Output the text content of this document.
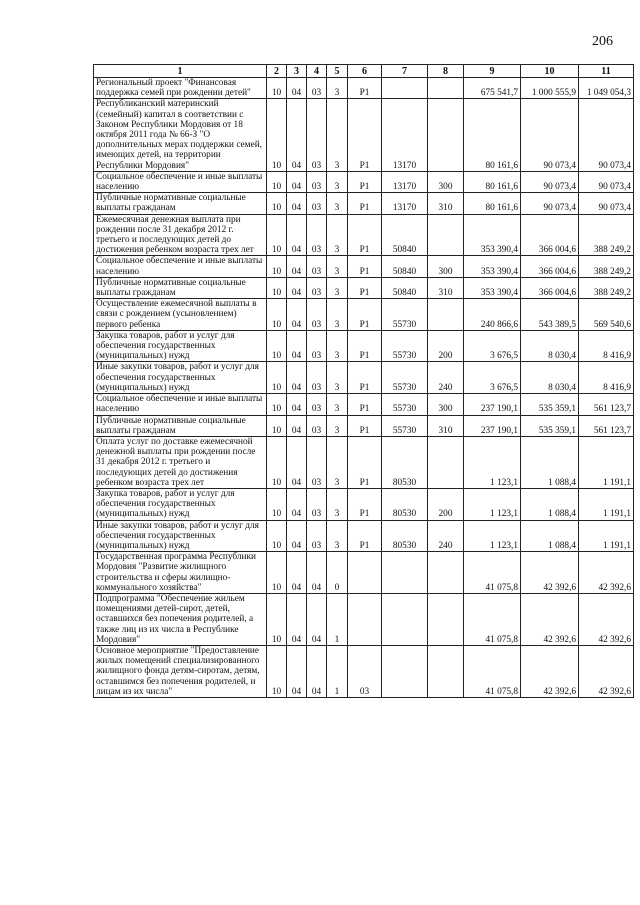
206
1	2	3	4	5	6	7	8	9	10	11
Региональный проект "Финансовая поддержка семей при рождении детей"	10	04	03	3	P1			675 541,7	1 000 555,9	1 049 054,3
Республиканский материнский (семейный) капитал в соответствии с Законом Республики Мордовия от 18 октября 2011 года № 66-З "О дополнительных мерах поддержки семей, имеющих детей, на территории Республики Мордовия"	10	04	03	3	P1	13170		80 161,6	90 073,4	90 073,4
Социальное обеспечение и иные выплаты населению	10	04	03	3	P1	13170	300	80 161,6	90 073,4	90 073,4
Публичные нормативные социальные выплаты гражданам	10	04	03	3	P1	13170	310	80 161,6	90 073,4	90 073,4
Ежемесячная денежная выплата при рождении после 31 декабря 2012 г. третьего и последующих детей до достижения ребенком возраста трех лет	10	04	03	3	P1	50840		353 390,4	366 004,6	388 249,2
Социальное обеспечение и иные выплаты населению	10	04	03	3	P1	50840	300	353 390,4	366 004,6	388 249,2
Публичные нормативные социальные выплаты гражданам	10	04	03	3	P1	50840	310	353 390,4	366 004,6	388 249,2
Осуществление ежемесячной выплаты в связи с рождением (усыновлением) первого ребенка	10	04	03	3	P1	55730		240 866,6	543 389,5	569 540,6
Закупка товаров, работ и услуг для обеспечения государственных (муниципальных) нужд	10	04	03	3	P1	55730	200	3 676,5	8 030,4	8 416,9
Иные закупки товаров, работ и услуг для обеспечения государственных (муниципальных) нужд	10	04	03	3	P1	55730	240	3 676,5	8 030,4	8 416,9
Социальное обеспечение и иные выплаты населению	10	04	03	3	P1	55730	300	237 190,1	535 359,1	561 123,7
Публичные нормативные социальные выплаты гражданам	10	04	03	3	P1	55730	310	237 190,1	535 359,1	561 123,7
Оплата услуг по доставке ежемесячной денежной выплаты при рождении после 31 декабря 2012 г. третьего и последующих детей до достижения ребенком возраста трех лет	10	04	03	3	P1	80530		1 123,1	1 088,4	1 191,1
Закупка товаров, работ и услуг для обеспечения государственных (муниципальных) нужд	10	04	03	3	P1	80530	200	1 123,1	1 088,4	1 191,1
Иные закупки товаров, работ и услуг для обеспечения государственных (муниципальных) нужд	10	04	03	3	P1	80530	240	1 123,1	1 088,4	1 191,1
Государственная программа Республики Мордовия "Развитие жилищного строительства и сферы жилищно-коммунального хозяйства"	10	04	04	0				41 075,8	42 392,6	42 392,6
Подпрограмма "Обеспечение жильем помещениями детей-сирот, детей, оставшихся без попечения родителей, а также лиц из их числа в Республике Мордовия"	10	04	04	1				41 075,8	42 392,6	42 392,6
Основное мероприятие "Предоставление жилых помещений специализированного жилищного фонда детям-сиротам, детям, оставшимся без попечения родителей, и лицам из их числа"	10	04	04	1	03			41 075,8	42 392,6	42 392,6
